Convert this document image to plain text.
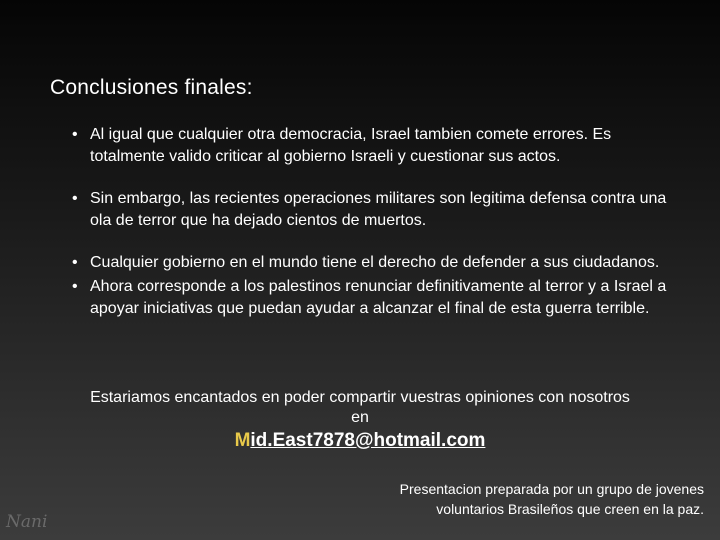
Conclusiones finales:
• Al igual que cualquier otra democracia, Israel tambien comete errores. Es totalmente valido criticar al gobierno Israeli y cuestionar sus actos.
• Sin embargo, las recientes operaciones militares son legitima defensa contra una ola de terror que ha dejado cientos de muertos.
• Cualquier gobierno en el mundo tiene el derecho de defender a sus ciudadanos.
• Ahora corresponde a los palestinos renunciar definitivamente al terror y a Israel a apoyar iniciativas que puedan ayudar a alcanzar el final de esta guerra terrible.
Estariamos encantados en poder compartir vuestras opiniones con nosotros en
Mid.East7878@hotmail.com
Presentacion preparada por un grupo de jovenes voluntarios Brasileños que creen en la paz.
Nani
